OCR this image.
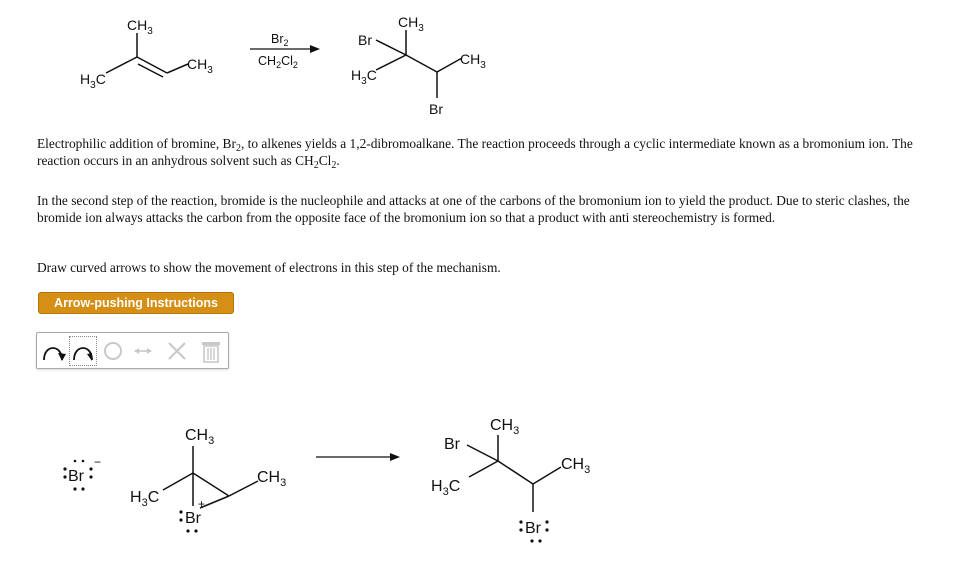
$CH_3$
$CH_3$
$H_3C$
$Br_2$
$CH_2Cl_2$
$CH_3$
Br
$CH_3$
$H_3C$
Br
Br
−
$CH_3$
$CH_3$
$H_3C$
Br
+
$CH_3$
Br
$CH_3$
$H_3C$
Br

Electrophilic addition of bromine, $Br_2$, to alkenes yields a 1,2-dibromoalkane. The reaction proceeds through a cyclic intermediate known as a bromonium ion. The reaction occurs in an anhydrous solvent such as $CH_2Cl_2$.

In the second step of the reaction, bromide is the nucleophile and attacks at one of the carbons of the bromonium ion to yield the product. Due to steric clashes, the bromide ion always attacks the carbon from the opposite face of the bromonium ion so that a product with anti stereochemistry is formed.

Draw curved arrows to show the movement of electrons in this step of the mechanism.

Arrow-pushing Instructions
